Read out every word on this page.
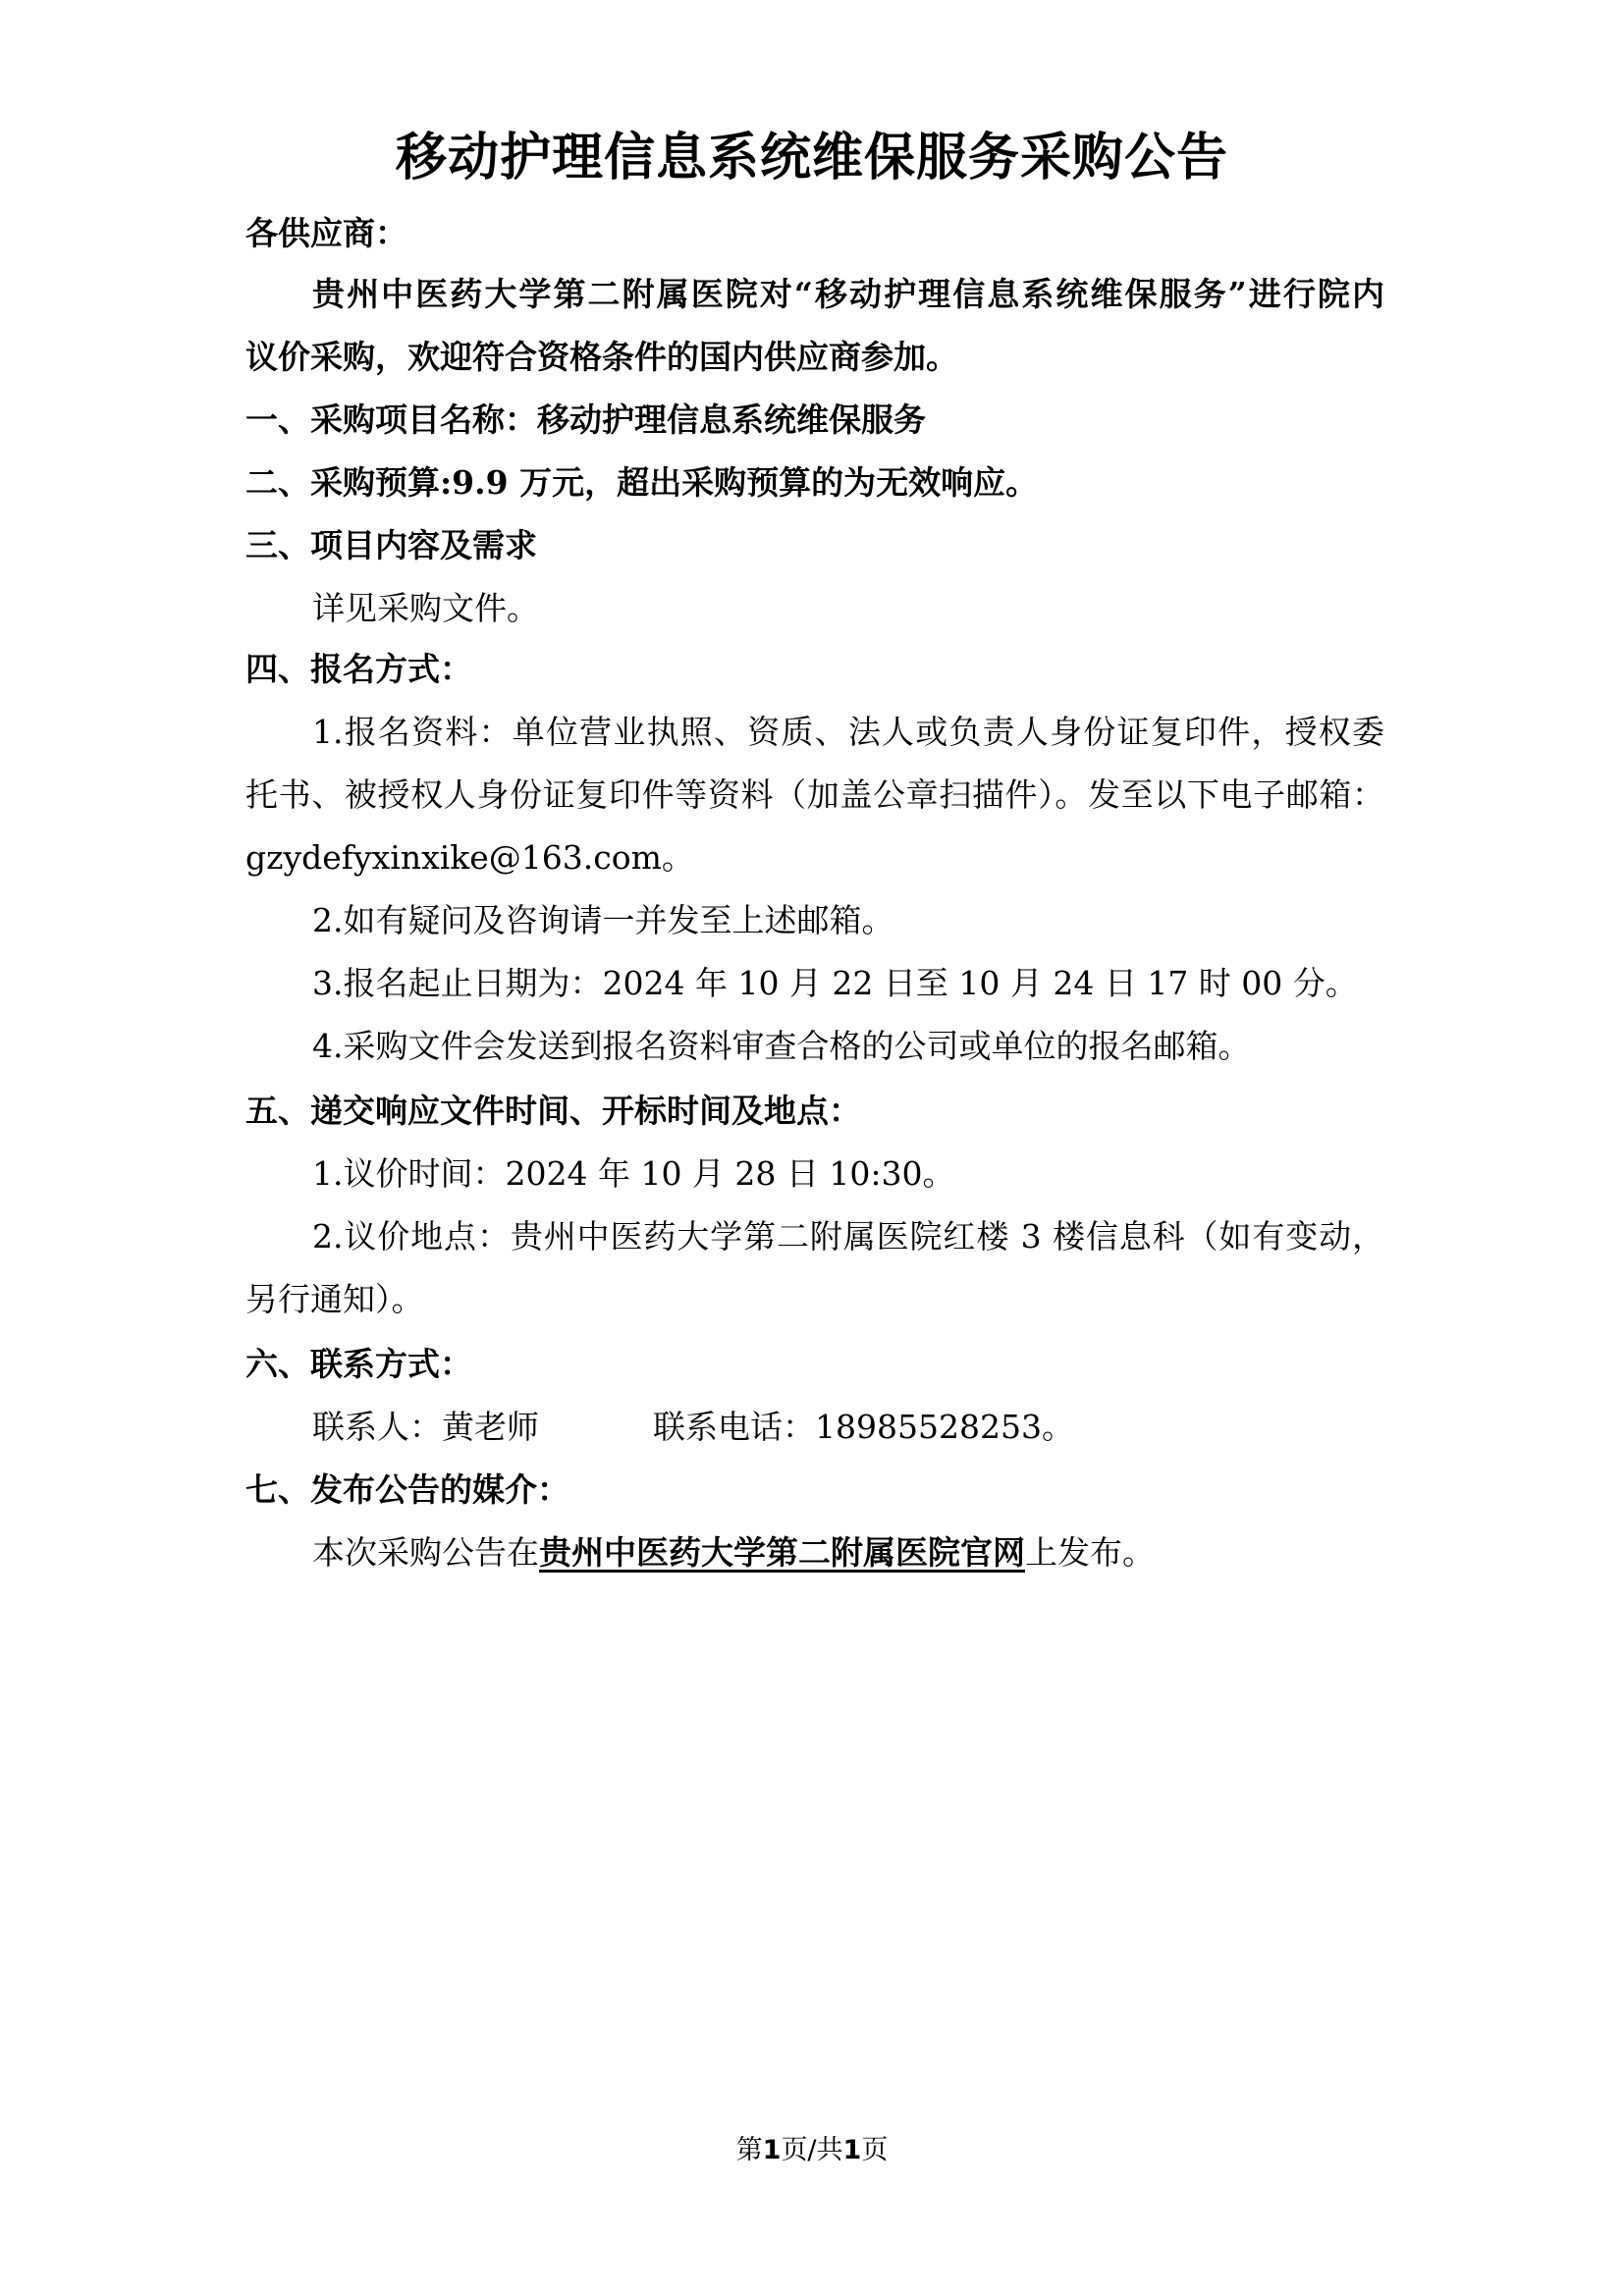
移动护理信息系统维保服务采购公告
各供应商：
贵州中医药大学第二附属医院对“移动护理信息系统维保服务”进行院内
议价采购，欢迎符合资格条件的国内供应商参加。
一、采购项目名称：移动护理信息系统维保服务
二、采购预算:9.9 万元，超出采购预算的为无效响应。
三、项目内容及需求
详见采购文件。
四、报名方式：
1.报名资料：单位营业执照、资质、法人或负责人身份证复印件，授权委
托书、被授权人身份证复印件等资料（加盖公章扫描件）。发至以下电子邮箱：
gzydefyxinxike@163.com。
2.如有疑问及咨询请一并发至上述邮箱。
3.报名起止日期为：2024 年 10 月 22 日至 10 月 24 日 17 时 00 分。
4.采购文件会发送到报名资料审查合格的公司或单位的报名邮箱。
五、递交响应文件时间、开标时间及地点：
1.议价时间：2024 年 10 月 28 日 10:30。
2.议价地点：贵州中医药大学第二附属医院红楼 3 楼信息科（如有变动，
另行通知）。
六、联系方式：
联系人：黄老师	联系电话：18985528253。
七、发布公告的媒介：
本次采购公告在贵州中医药大学第二附属医院官网上发布。
第1页/共1页
